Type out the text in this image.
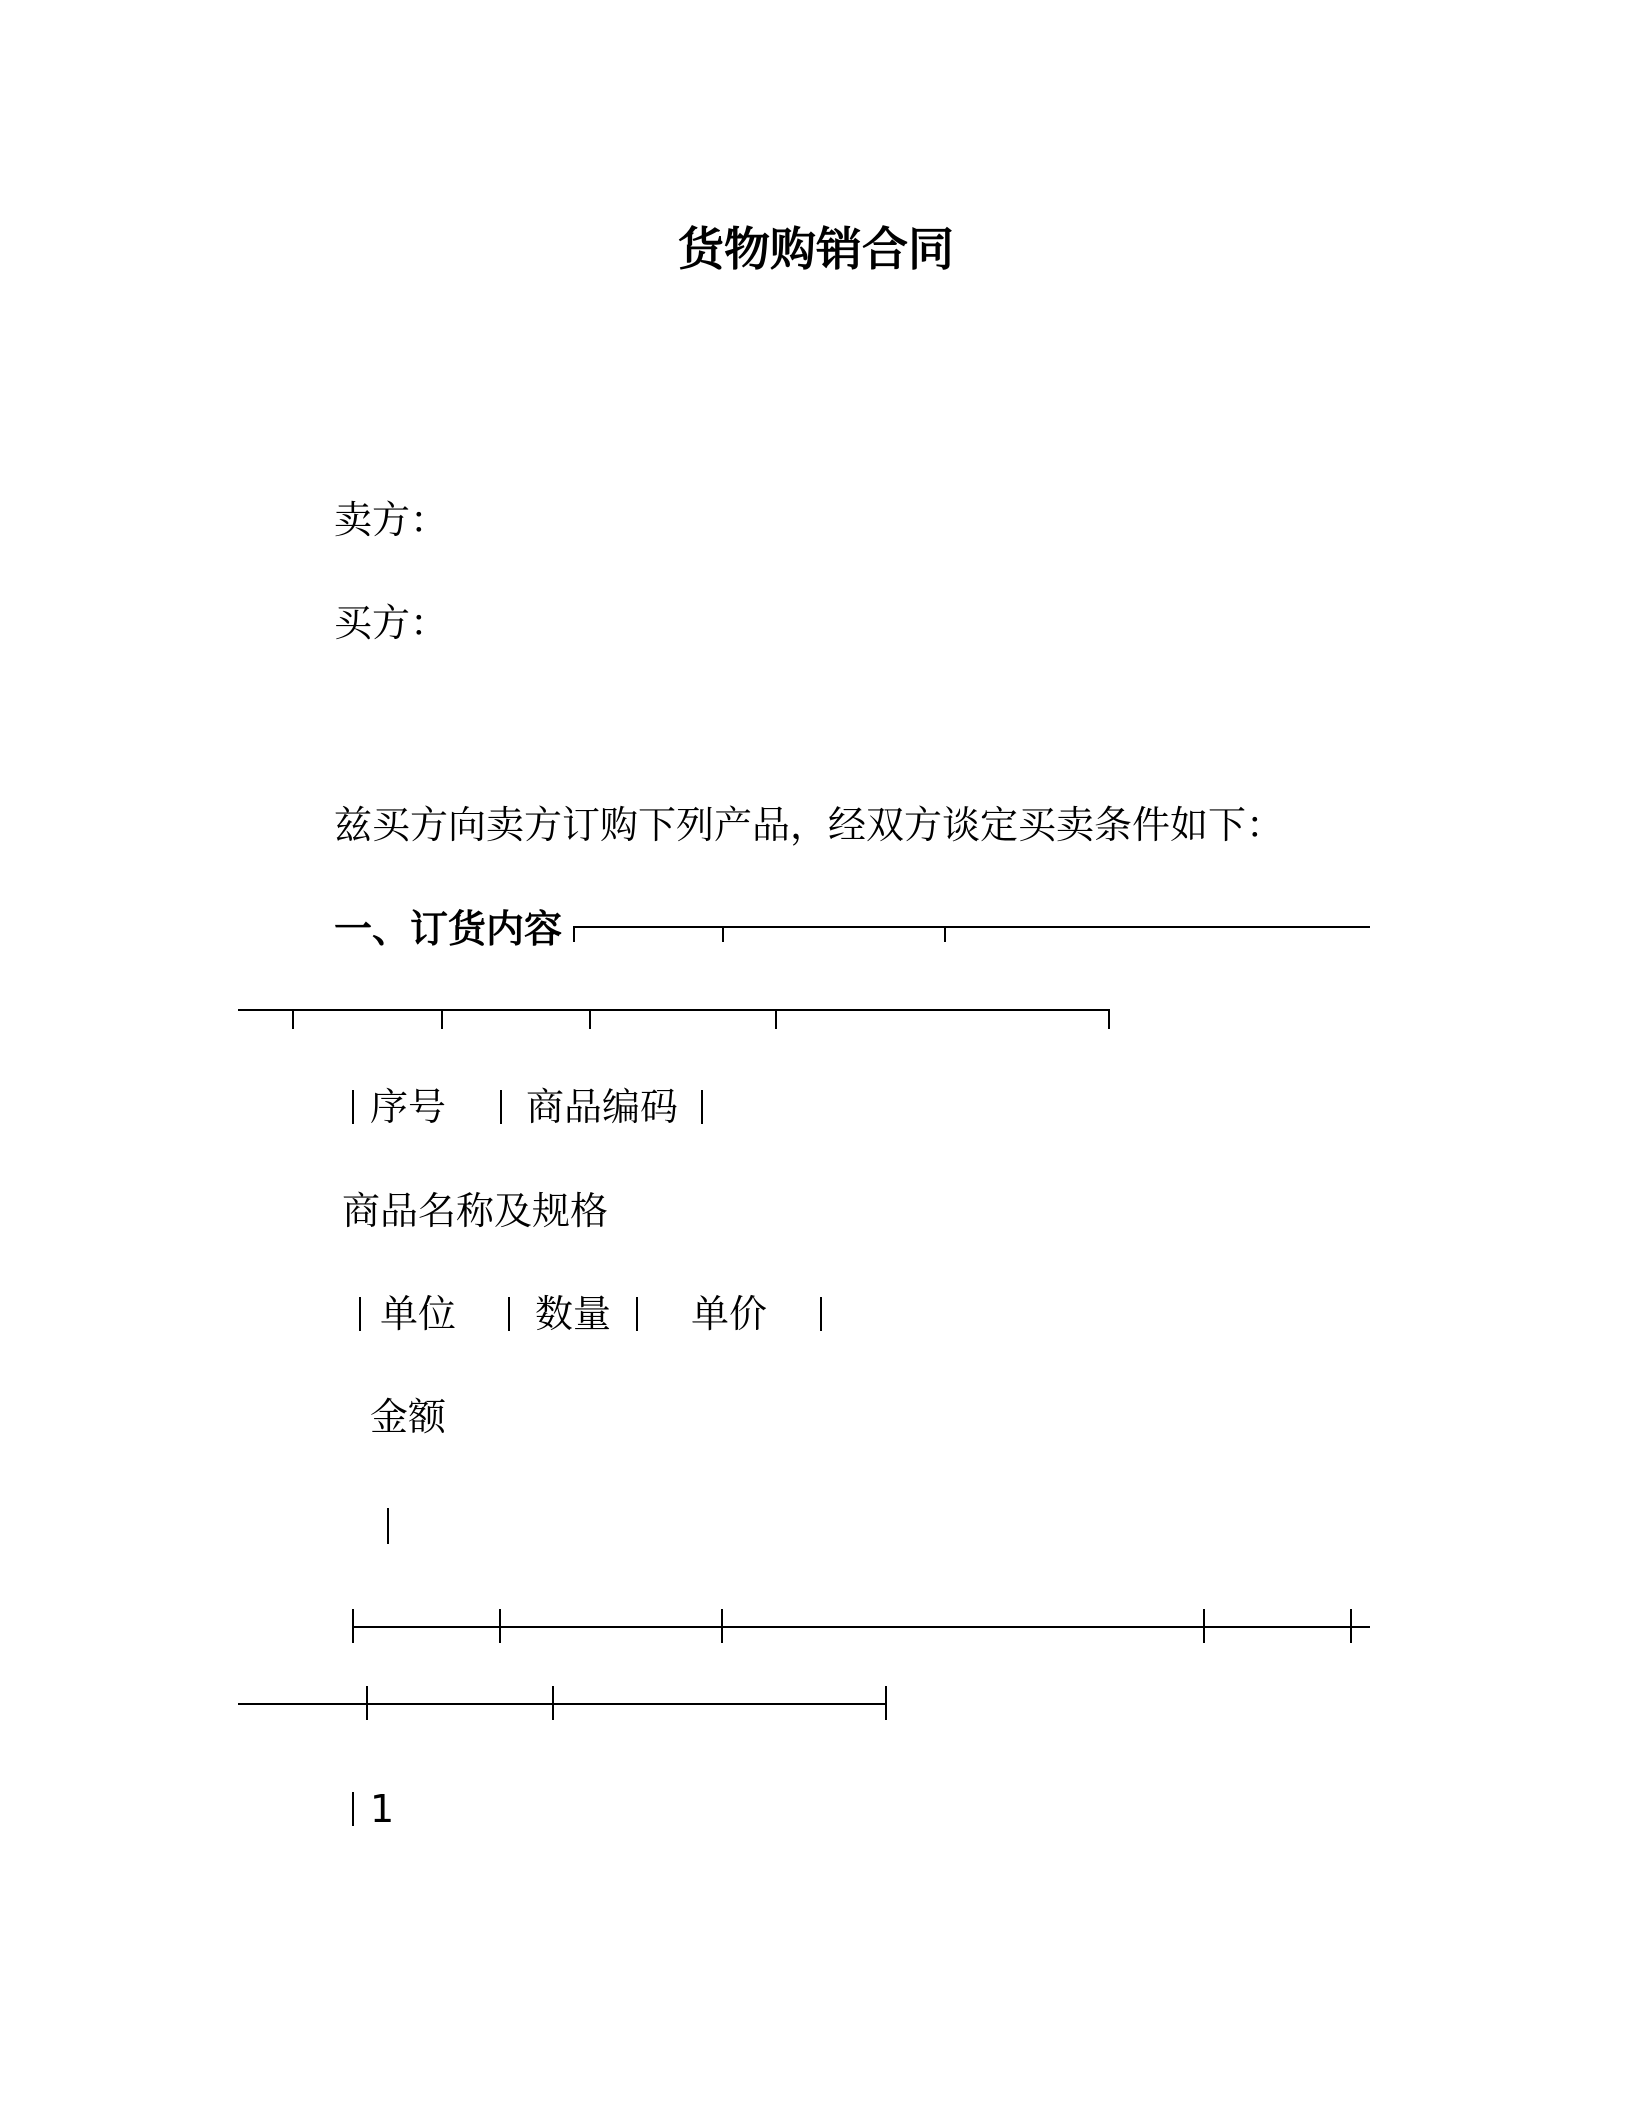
货物购销合同
卖方：
买方：
兹买方向卖方订购下列产品，经双方谈定买卖条件如下：
一、订货内容
序号 商品编码
商品名称及规格
单位 数量 单价
金额
1
